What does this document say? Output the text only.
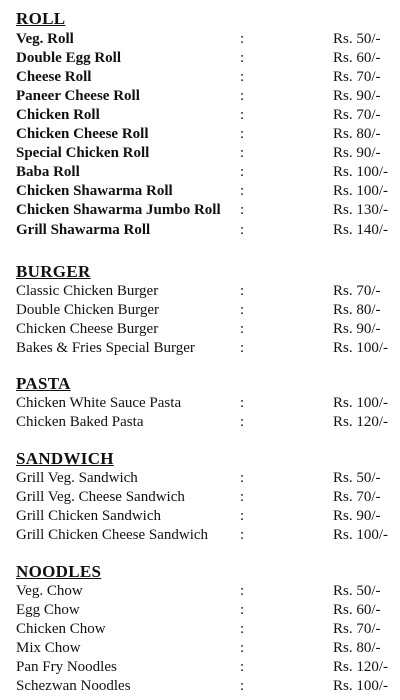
ROLL
Veg. Roll	:	Rs. 50/-
Double Egg Roll	:	Rs. 60/-
Cheese Roll	:	Rs. 70/-
Paneer Cheese Roll	:	Rs. 90/-
Chicken Roll	:	Rs. 70/-
Chicken Cheese Roll	:	Rs. 80/-
Special Chicken Roll	:	Rs. 90/-
Baba Roll	:	Rs. 100/-
Chicken Shawarma Roll	:	Rs. 100/-
Chicken Shawarma Jumbo Roll :	Rs. 130/-
Grill Shawarma Roll	:	Rs. 140/-
BURGER
Classic Chicken Burger	:	Rs. 70/-
Double Chicken Burger	:	Rs. 80/-
Chicken Cheese Burger	:	Rs. 90/-
Bakes & Fries Special Burger	:	Rs. 100/-
PASTA
Chicken White Sauce Pasta	:	Rs. 100/-
Chicken Baked Pasta	:	Rs. 120/-
SANDWICH
Grill Veg. Sandwich	:	Rs. 50/-
Grill Veg. Cheese Sandwich	:	Rs. 70/-
Grill Chicken Sandwich	:	Rs. 90/-
Grill Chicken Cheese Sandwich :	Rs. 100/-
NOODLES
Veg. Chow	:	Rs. 50/-
Egg Chow	:	Rs. 60/-
Chicken Chow	:	Rs. 70/-
Mix Chow	:	Rs. 80/-
Pan Fry Noodles	:	Rs. 120/-
Schezwan Noodles	:	Rs. 100/-
